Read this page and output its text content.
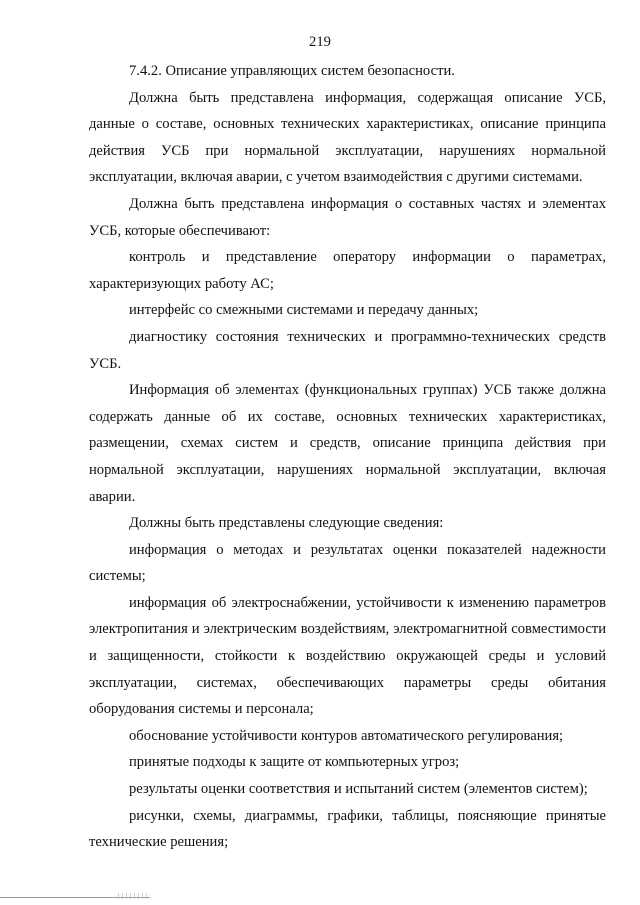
219

7.4.2. Описание управляющих систем безопасности.

Должна быть представлена информация, содержащая описание УСБ, данные о составе, основных технических характеристиках, описание принципа действия УСБ при нормальной эксплуатации, нарушениях нормальной эксплуатации, включая аварии, с учетом взаимодействия с другими системами.

Должна быть представлена информация о составных частях и элементах УСБ, которые обеспечивают:

контроль и представление оператору информации о параметрах, характеризующих работу АС;

интерфейс со смежными системами и передачу данных;

диагностику состояния технических и программно-технических средств УСБ.

Информация об элементах (функциональных группах) УСБ также должна содержать данные об их составе, основных технических характеристиках, размещении, схемах систем и средств, описание принципа действия при нормальной эксплуатации, нарушениях нормальной эксплуатации, включая аварии.

Должны быть представлены следующие сведения:

информация о методах и результатах оценки показателей надежности системы;

информация об электроснабжении, устойчивости к изменению параметров электропитания и электрическим воздействиям, электромагнитной совместимости и защищенности, стойкости к воздействию окружающей среды и условий эксплуатации, системах, обеспечивающих параметры среды обитания оборудования системы и персонала;

обоснование устойчивости контуров автоматического регулирования;

принятые подходы к защите от компьютерных угроз;

результаты оценки соответствия и испытаний систем (элементов систем);

рисунки, схемы, диаграммы, графики, таблицы, поясняющие принятые технические решения;
